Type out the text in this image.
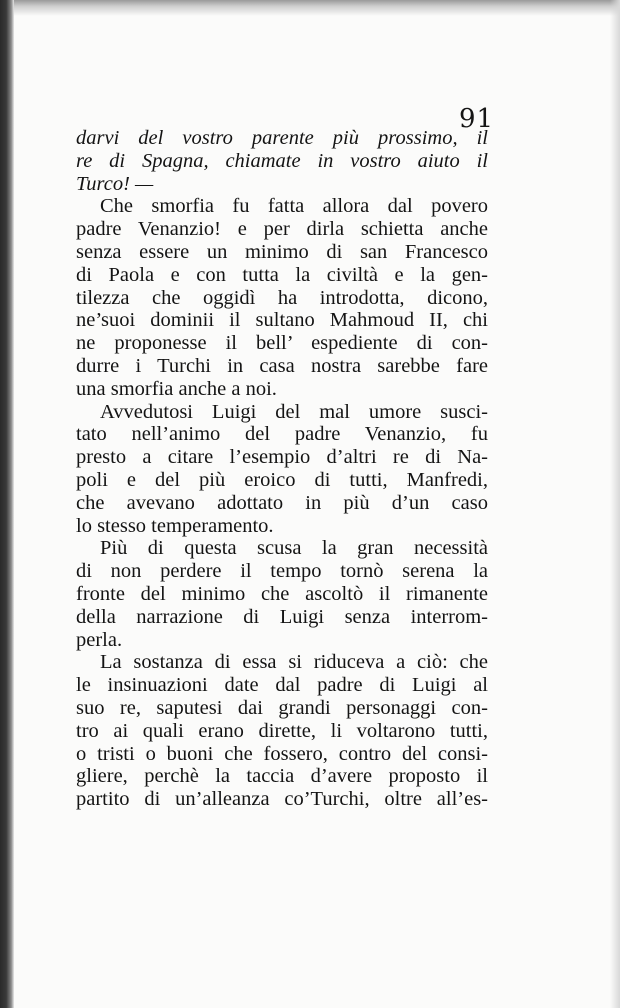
91
darvi del vostro parente più prossimo, il
re di Spagna, chiamate in vostro aiuto il
Turco! —
Che smorfia fu fatta allora dal povero
padre Venanzio! e per dirla schietta anche
senza essere un minimo di san Francesco
di Paola e con tutta la civiltà e la gen-
tilezza che oggidì ha introdotta, dicono,
ne’suoi dominii il sultano Mahmoud II, chi
ne proponesse il bell’ espediente di con-
durre i Turchi in casa nostra sarebbe fare
una smorfia anche a noi.
Avvedutosi Luigi del mal umore susci-
tato nell’animo del padre Venanzio, fu
presto a citare l’esempio d’altri re di Na-
poli e del più eroico di tutti, Manfredi,
che avevano adottato in più d’un caso
lo stesso temperamento.
Più di questa scusa la gran necessità
di non perdere il tempo tornò serena la
fronte del minimo che ascoltò il rimanente
della narrazione di Luigi senza interrom-
perla.
La sostanza di essa si riduceva a ciò: che
le insinuazioni date dal padre di Luigi al
suo re, saputesi dai grandi personaggi con-
tro ai quali erano dirette, li voltarono tutti,
o tristi o buoni che fossero, contro del consi-
gliere, perchè la taccia d’avere proposto il
partito di un’alleanza co’Turchi, oltre all’es-
